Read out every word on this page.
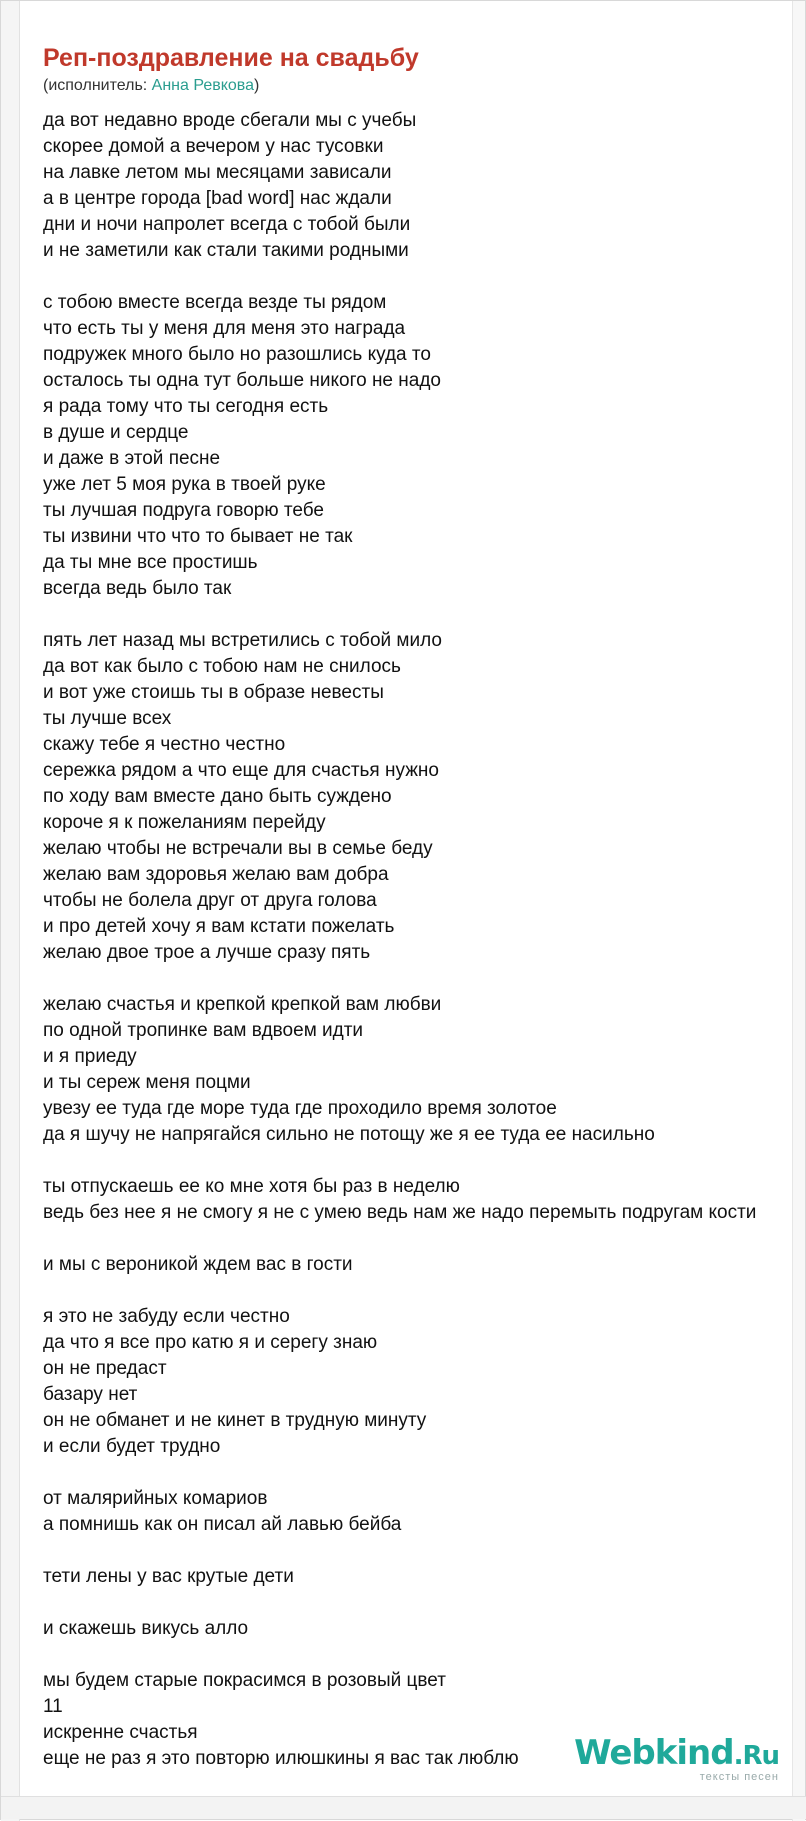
Реп-поздравление на свадьбу
(исполнитель: Анна Ревкова)
да вот недавно вроде сбегали мы с учебы
скорее домой а вечером у нас тусовки
на лавке летом мы месяцами зависали
а в центре города [bad word] нас ждали
дни и ночи напролет всегда с тобой были
и не заметили как стали такими родными
с тобою вместе всегда везде ты рядом
что есть ты у меня для меня это награда
подружек много было но разошлись куда то
осталось ты одна тут больше никого не надо
я рада тому что ты сегодня есть
в душе и сердце
и даже в этой песне
уже лет 5 моя рука в твоей руке
ты лучшая подруга говорю тебе
ты извини что что то бывает не так
да ты мне все простишь
всегда ведь было так
пять лет назад мы встретились с тобой мило
да вот как было с тобою нам не снилось
и вот уже стоишь ты в образе невесты
ты лучше всех
скажу тебе я честно честно
сережка рядом а что еще для счастья нужно
по ходу вам вместе дано быть суждено
короче я к пожеланиям перейду
желаю чтобы не встречали вы в семье беду
желаю вам здоровья желаю вам добра
чтобы не болела друг от друга голова
и про детей хочу я вам кстати пожелать
желаю двое трое а лучше сразу пять
желаю счастья и крепкой крепкой вам любви
по одной тропинке вам вдвоем идти
и я приеду
и ты сереж меня поцми
увезу ее туда где море туда где проходило время золотое
да я шучу не напрягайся сильно не потощу же я ее туда ее насильно
ты отпускаешь ее ко мне хотя бы раз в неделю
ведь без нее я не смогу я не с умею ведь нам же надо перемыть подругам кости
и мы с вероникой ждем вас в гости
я это не забуду если честно
да что я все про катю я и серегу знаю
он не предаст
базару нет
он не обманет и не кинет в трудную минуту
и если будет трудно
от малярийных комариов
а помнишь как он писал ай лавью бейба
тети лены у вас крутые дети
и скажешь викусь алло
мы будем старые покрасимся в розовый цвет
11
искренне счастья
еще не раз я это повторю илюшкины я вас так люблю	Webkind.Ru
тексты песен
